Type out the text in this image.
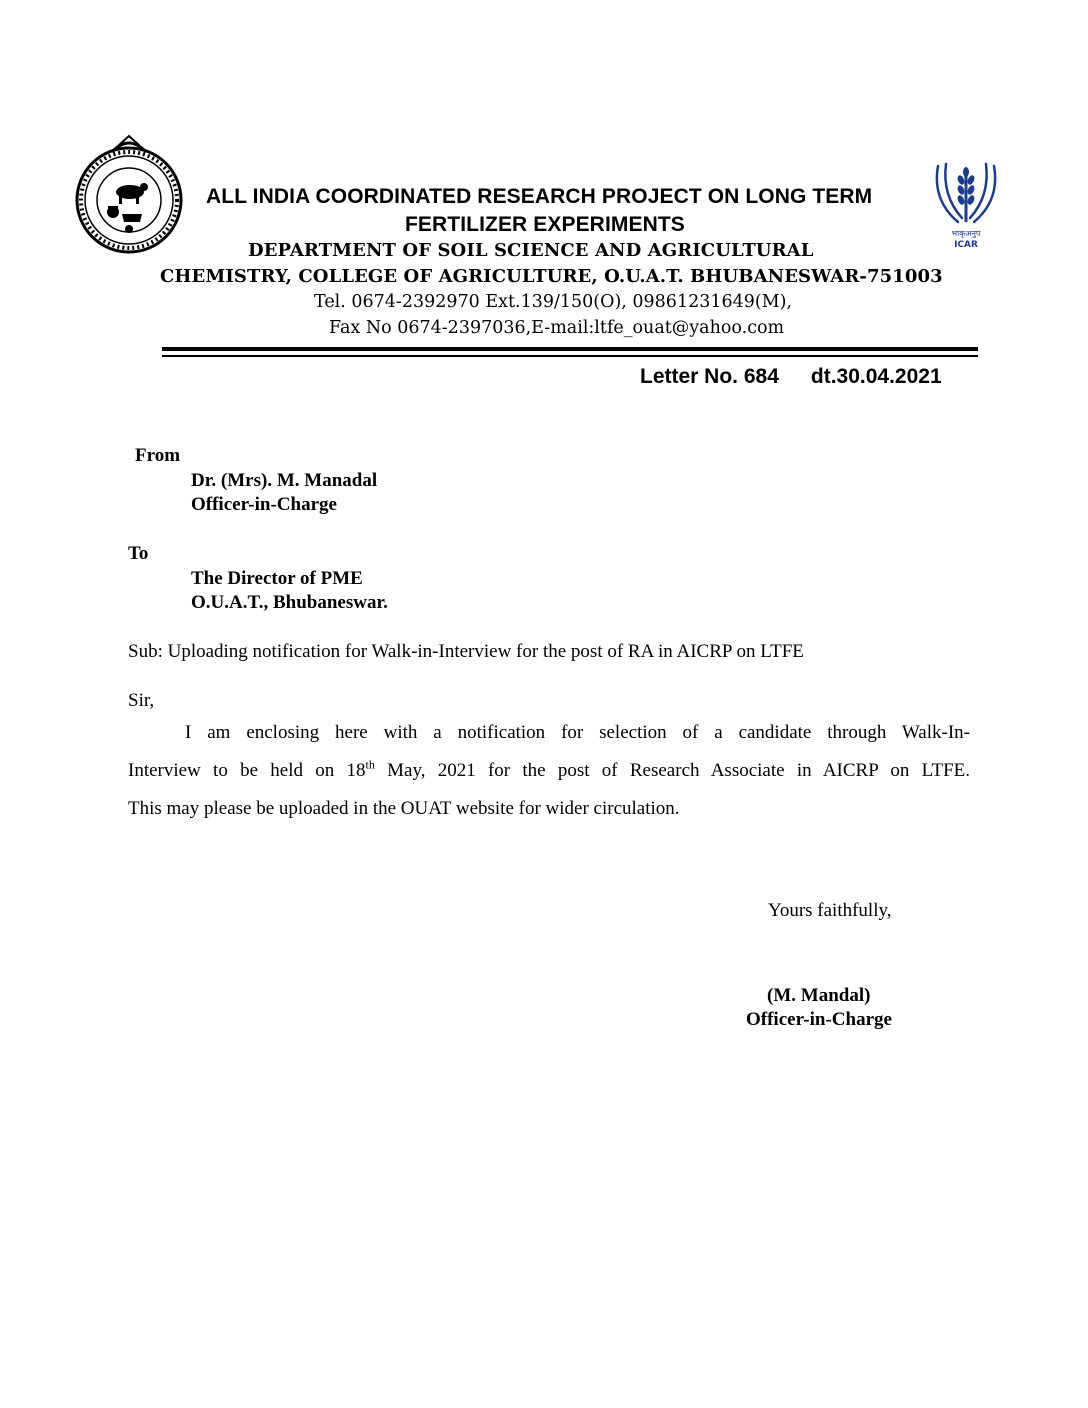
भाकृअनुप
ICAR
ALL INDIA COORDINATED RESEARCH PROJECT ON LONG TERM
FERTILIZER EXPERIMENTS
DEPARTMENT OF SOIL SCIENCE AND AGRICULTURAL
CHEMISTRY, COLLEGE OF AGRICULTURE, O.U.A.T. BHUBANESWAR-751003
Tel. 0674-2392970 Ext.139/150(O), 09861231649(M),
Fax No 0674-2397036,E-mail:ltfe_ouat@yahoo.com
Letter No. 684 dt.30.04.2021
From
Dr. (Mrs). M. Manadal
Officer-in-Charge
To
The Director of PME
O.U.A.T., Bhubaneswar.
Sub: Uploading notification for Walk-in-Interview for the post of RA in AICRP on LTFE
Sir,
I am enclosing here with a notification for selection of a candidate through Walk-In-
Interview to be held on 18th May, 2021 for the post of Research Associate in AICRP on LTFE.
This may please be uploaded in the OUAT website for wider circulation.
Yours faithfully,
(M. Mandal)
Officer-in-Charge
